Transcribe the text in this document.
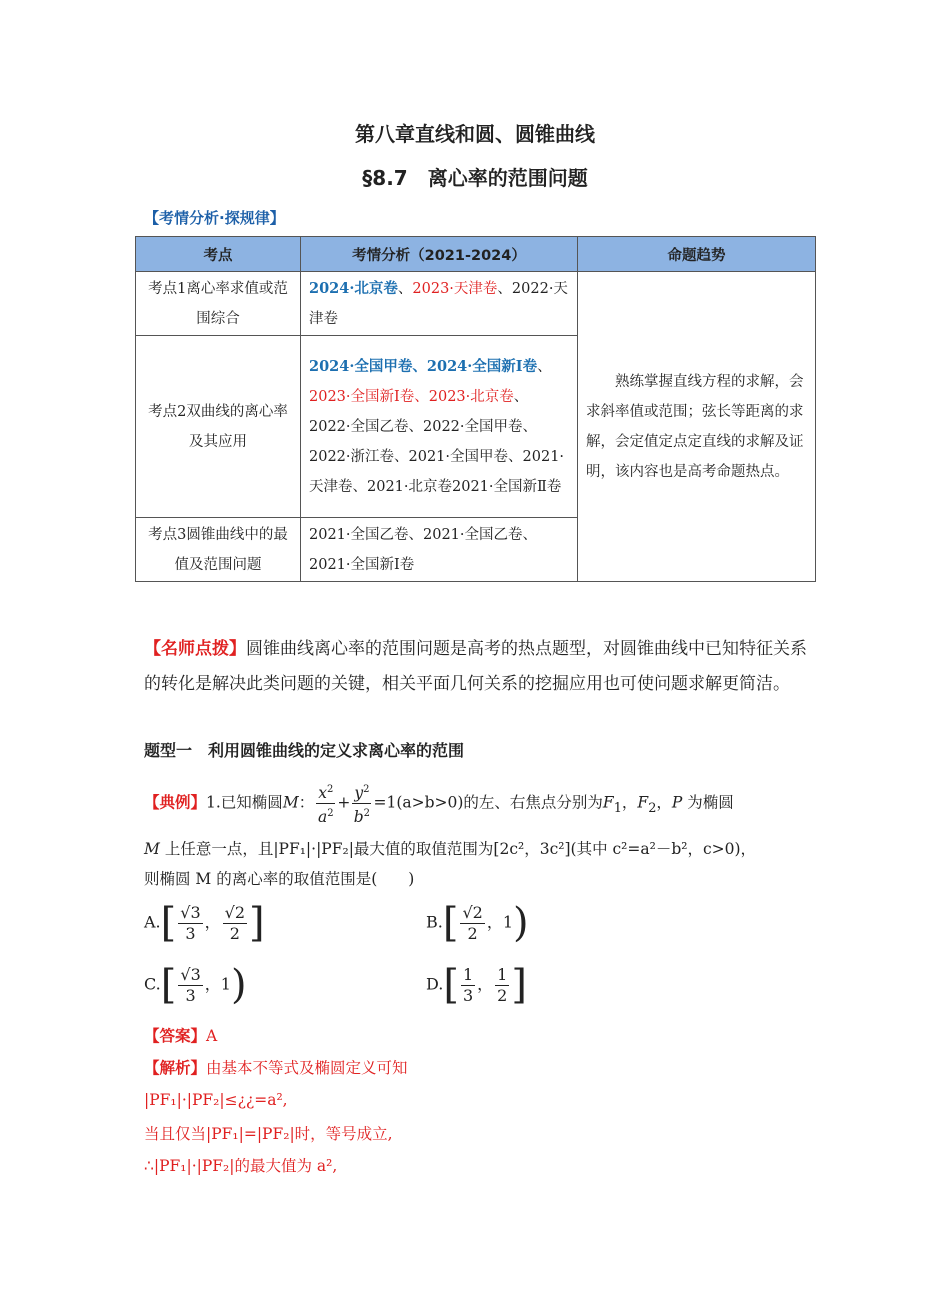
第八章直线和圆、圆锥曲线
§8.7　离心率的范围问题
【考情分析·探规律】
考点	考情分析（2021-2024）	命题趋势
考点1离心率求值或范围综合	2024·北京卷、2023·天津卷、2022·天津卷	熟练掌握直线方程的求解，会求斜率值或范围；弦长等距离的求解，会定值定点定直线的求解及证明，该内容也是高考命题热点。
考点2双曲线的离心率及其应用	2024·全国甲卷、2024·全国新Ⅰ卷、2023·全国新Ⅰ卷、2023·北京卷、2022·全国乙卷、2022·全国甲卷、2022·浙江卷、2021·全国甲卷、2021·天津卷、2021·北京卷2021·全国新Ⅱ卷	
考点3圆锥曲线中的最值及范围问题	2021·全国乙卷、2021·全国乙卷、2021·全国新Ⅰ卷	
【名师点拨】圆锥曲线离心率的范围问题是高考的热点题型，对圆锥曲线中已知特征关系的转化是解决此类问题的关键，相关平面几何关系的挖掘应用也可使问题求解更简洁。
题型一　利用圆锥曲线的定义求离心率的范围
【典例】1.已知椭圆M： $\frac{x^2}{a^2} + \frac{y^2}{b^2} =1(a>b>0)$的左、右焦点分别为$F_1$，$F_2$，P 为椭圆
M 上任意一点，且|PF₁|·|PF₂|最大值的取值范围为[2c²，3c²](其中 c²=a²－b²，c>0)，
则椭圆 M 的离心率的取值范围是(　　)
$A.[ \frac{√3}{3}$ ， $\frac{√2}{2}$ ]	$B.[ \frac{√2}{2}$ ，1)
$C.[ \frac{√3}{3}$ ，1)	$D.[ \frac{1}{3}$ ， $\frac{1}{2}$ ]
【答案】A
【解析】由基本不等式及椭圆定义可知
|PF₁|·|PF₂|≤¿¿=a²,
当且仅当|PF₁|=|PF₂|时，等号成立,
∴|PF₁|·|PF₂|的最大值为 a²,
